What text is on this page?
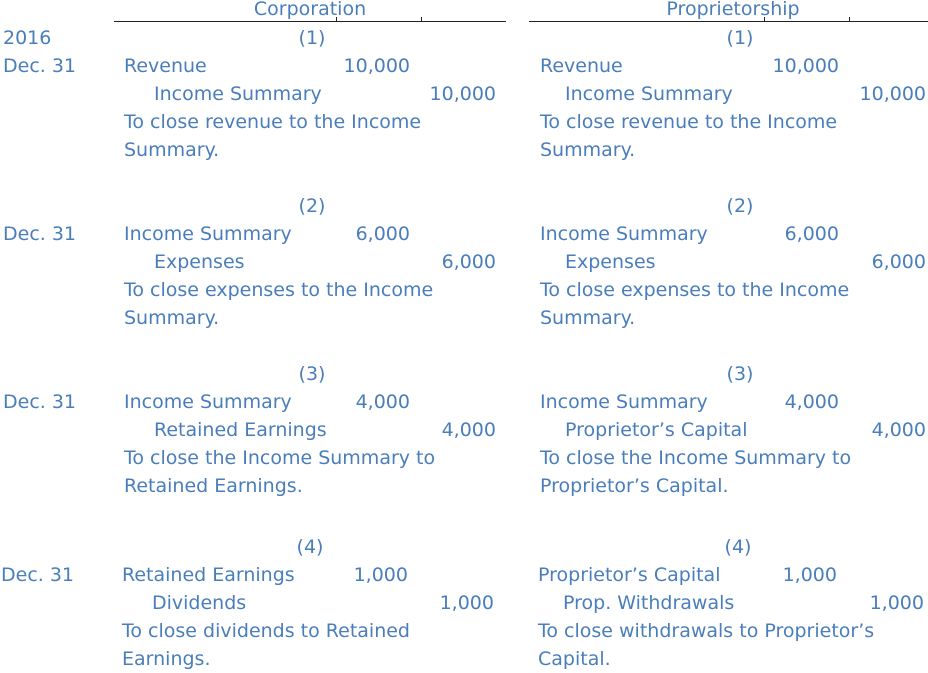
Corporation	Proprietorship
2016	(1)	(1)
Dec. 31	Revenue	10,000
Income Summary	10,000
To close revenue to the Income
Summary.
Revenue	10,000
Income Summary	10,000
To close revenue to the Income
Summary.
(2)	(2)
Dec. 31	Income Summary	6,000
Expenses	6,000
To close expenses to the Income
Summary.
Income Summary	6,000
Expenses	6,000
To close expenses to the Income
Summary.
(3)	(3)
Dec. 31	Income Summary	4,000
Retained Earnings	4,000
To close the Income Summary to
Retained Earnings.
Income Summary	4,000
Proprietor’s Capital	4,000
To close the Income Summary to
Proprietor’s Capital.
(4)	(4)
Dec. 31	Retained Earnings	1,000
Dividends	1,000
To close dividends to Retained
Earnings.
Proprietor’s Capital	1,000
Prop. Withdrawals	1,000
To close withdrawals to Proprietor’s
Capital.
